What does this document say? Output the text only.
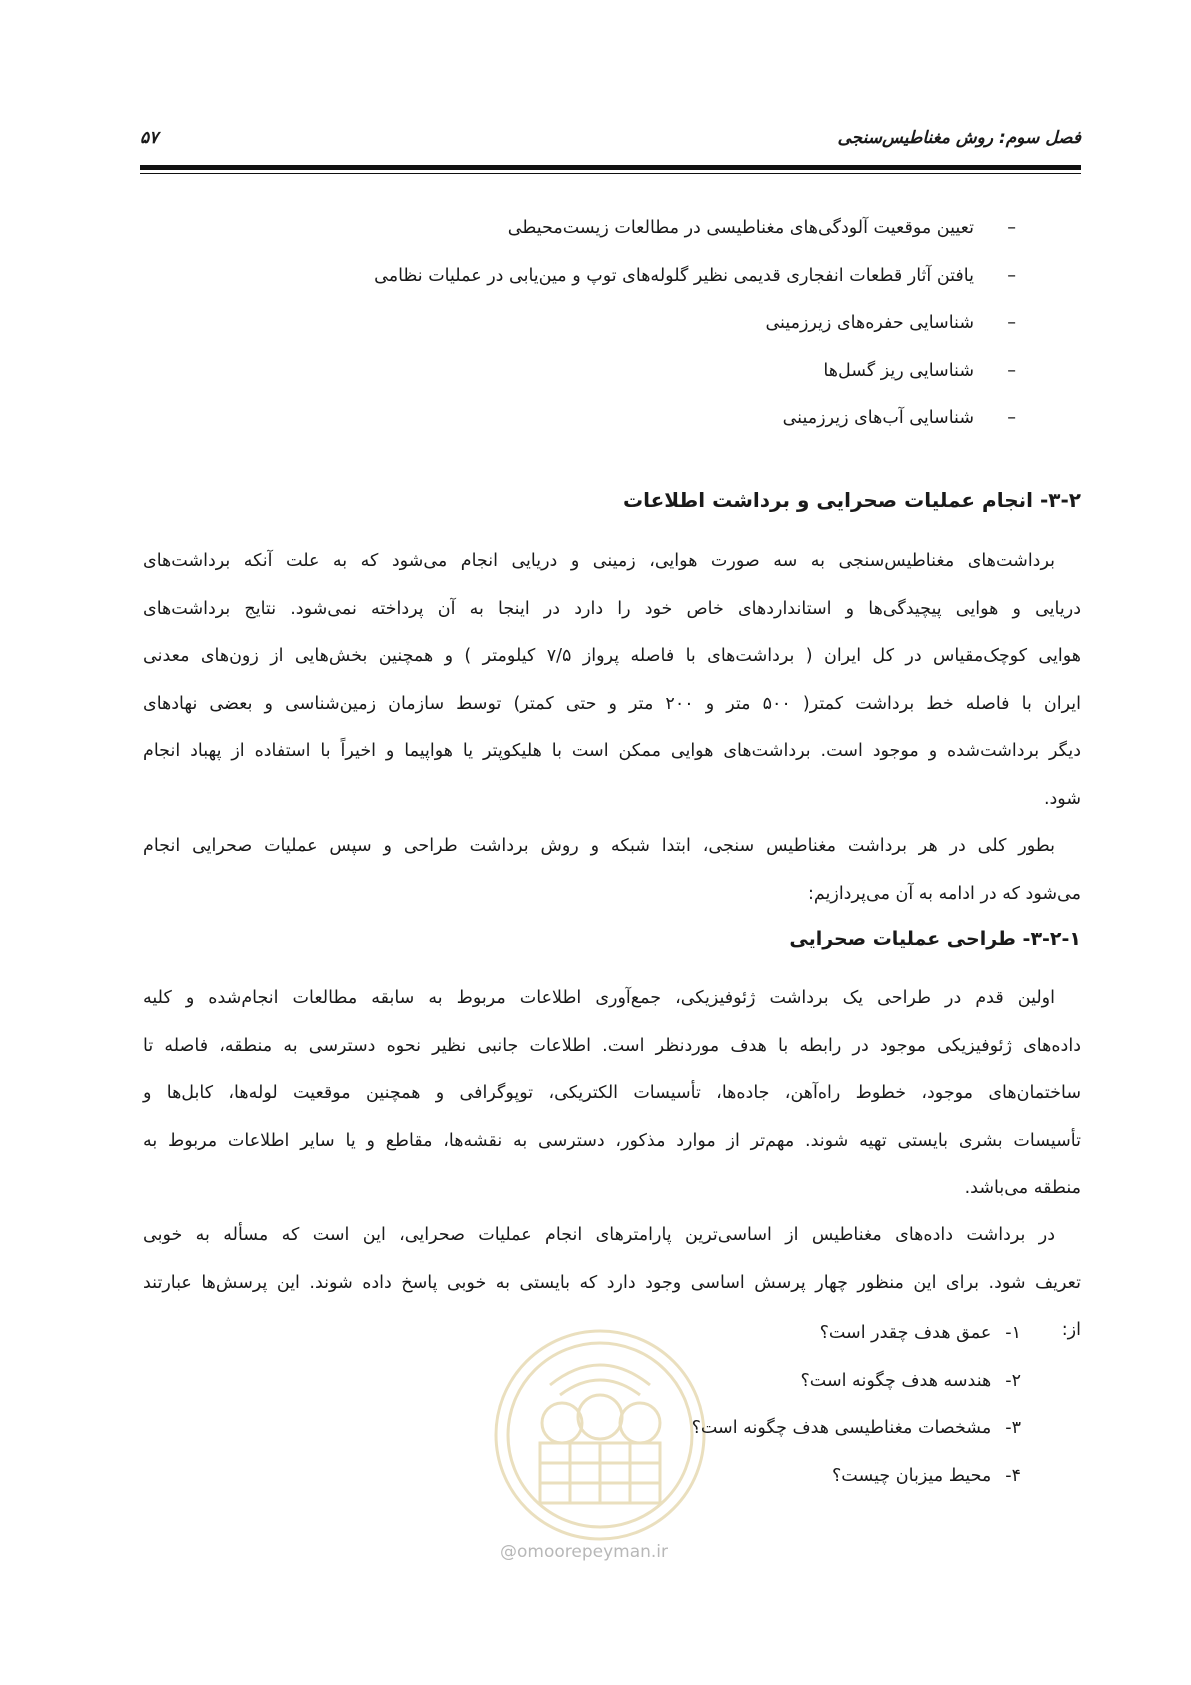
فصل سوم: روش مغناطیس‌سنجی
۵۷
–تعیین موقعیت آلودگی‌های مغناطیسی در مطالعات زیست‌محیطی
–یافتن آثار قطعات انفجاری قدیمی نظیر گلوله‌های توپ و مین‌یابی در عملیات نظامی
–شناسایی حفره‌های زیرزمینی
–شناسایی ریز گسل‌ها
–شناسایی آب‌های زیرزمینی
۳-۲- انجام عملیات صحرایی و برداشت اطلاعات
برداشت‌های مغناطیس‌سنجی به سه صورت هوایی، زمینی و دریایی انجام می‌شود که به علت آنکه برداشت‌های
دریایی و هوایی پیچیدگی‌ها و استانداردهای خاص خود را دارد در اینجا به آن پرداخته نمی‌شود. نتایج برداشت‌های
هوایی کوچک‌مقیاس در کل ایران ( برداشت‌های با فاصله پرواز ۷/۵ کیلومتر ) و همچنین بخش‌هایی از زون‌های معدنی
ایران با فاصله خط برداشت کمتر( ۵۰۰ متر و ۲۰۰ متر و حتی کمتر) توسط سازمان زمین‌شناسی و بعضی نهادهای
دیگر برداشت‌شده و موجود است. برداشت‌های هوایی ممکن است با هلیکوپتر یا هواپیما و اخیراً با استفاده از پهباد انجام
شود.
بطور کلی در هر برداشت مغناطیس سنجی، ابتدا شبکه و روش برداشت طراحی و سپس عملیات صحرایی انجام
می‌شود که در ادامه به آن می‌پردازیم:
۳-۲-۱- طراحی عملیات صحرایی
اولین قدم در طراحی یک برداشت ژئوفیزیکی، جمع‌آوری اطلاعات مربوط به سابقه مطالعات انجام‌شده و کلیه
داده‌های ژئوفیزیکی موجود در رابطه با هدف موردنظر است. اطلاعات جانبی نظیر نحوه دسترسی به منطقه، فاصله تا
ساختمان‌های موجود، خطوط راه‌آهن، جاده‌ها، تأسیسات الکتریکی، توپوگرافی و همچنین موقعیت لوله‌ها، کابل‌ها و
تأسیسات بشری بایستی تهیه شوند. مهم‌تر از موارد مذکور، دسترسی به نقشه‌ها، مقاطع و یا سایر اطلاعات مربوط به
منطقه می‌باشد.
در برداشت داده‌های مغناطیس از اساسی‌ترین پارامترهای انجام عملیات صحرایی، این است که مسأله به خوبی
تعریف شود. برای این منظور چهار پرسش اساسی وجود دارد که بایستی به خوبی پاسخ داده شوند. این پرسش‌ها عبارتند
از:
@omoorepeyman.ir
۱-عمق هدف چقدر است؟
۲-هندسه هدف چگونه است؟
۳-مشخصات مغناطیسی هدف چگونه است؟
۴-محیط میزبان چیست؟
